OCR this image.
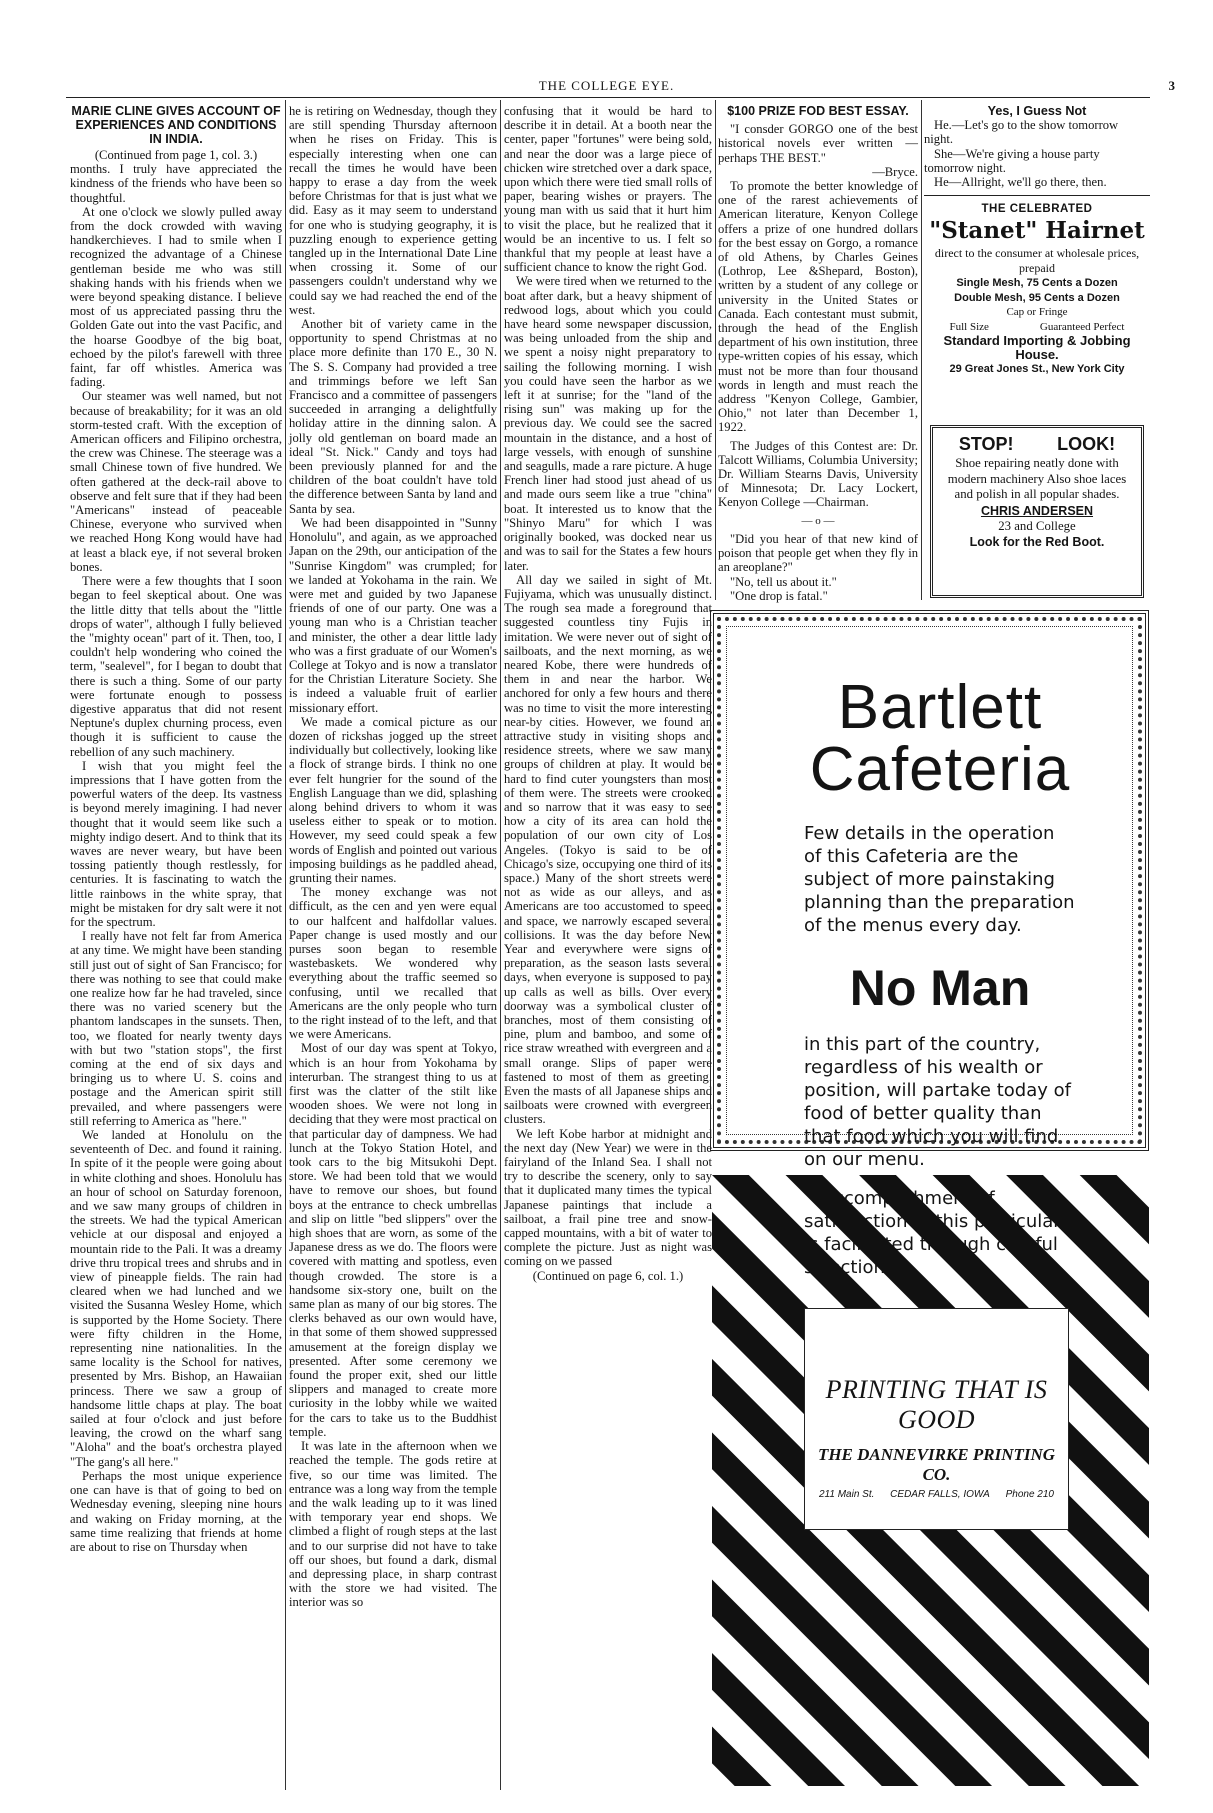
THE COLLEGE EYE.	3
MARIE CLINE GIVES ACCOUNT OF EXPERIENCES AND CONDITIONS IN INDIA.

(Continued from page 1, col. 3.)

months. I truly have appreciated the kindness of the friends who have been so thoughtful.

At one o'clock we slowly pulled away from the dock crowded with waving handkerchieves. I had to smile when I recognized the advantage of a Chinese gentleman beside me who was still shaking hands with his friends when we were beyond speaking distance. I believe most of us appreciated passing thru the Golden Gate out into the vast Pacific, and the hoarse Goodbye of the big boat, echoed by the pilot's farewell with three faint, far off whistles. America was fading.

Our steamer was well named, but not because of breakability; for it was an old storm-tested craft. With the exception of American officers and Filipino orchestra, the crew was Chinese. The steerage was a small Chinese town of five hundred. We often gathered at the deck-rail above to observe and felt sure that if they had been "Americans" instead of peaceable Chinese, everyone who survived when we reached Hong Kong would have had at least a black eye, if not several broken bones.

There were a few thoughts that I soon began to feel skeptical about. One was the little ditty that tells about the "little drops of water", although I fully believed the "mighty ocean" part of it. Then, too, I couldn't help wondering who coined the term, "sealevel", for I began to doubt that there is such a thing. Some of our party were fortunate enough to possess digestive apparatus that did not resent Neptune's duplex churning process, even though it is sufficient to cause the rebellion of any such machinery.

I wish that you might feel the impressions that I have gotten from the powerful waters of the deep. Its vastness is beyond merely imagining. I had never thought that it would seem like such a mighty indigo desert. And to think that its waves are never weary, but have been tossing patiently though restlessly, for centuries. It is fascinating to watch the little rainbows in the white spray, that might be mistaken for dry salt were it not for the spectrum.

I really have not felt far from America at any time. We might have been standing still just out of sight of San Francisco; for there was nothing to see that could make one realize how far he had traveled, since there was no varied scenery but the phantom landscapes in the sunsets. Then, too, we floated for nearly twenty days with but two "station stops", the first coming at the end of six days and bringing us to where U. S. coins and postage and the American spirit still prevailed, and where passengers were still referring to America as "here."

We landed at Honolulu on the seventeenth of Dec. and found it raining. In spite of it the people were going about in white clothing and shoes. Honolulu has an hour of school on Saturday forenoon, and we saw many groups of children in the streets. We had the typical American vehicle at our disposal and enjoyed a mountain ride to the Pali. It was a dreamy drive thru tropical trees and shrubs and in view of pineapple fields. The rain had cleared when we had lunched and we visited the Susanna Wesley Home, which is supported by the Home Society. There were fifty children in the Home, representing nine nationalities. In the same locality is the School for natives, presented by Mrs. Bishop, an Hawaiian princess. There we saw a group of handsome little chaps at play. The boat sailed at four o'clock and just before leaving, the crowd on the wharf sang "Aloha" and the boat's orchestra played "The gang's all here."

Perhaps the most unique experience one can have is that of going to bed on Wednesday evening, sleeping nine hours and waking on Friday morning, at the same time realizing that friends at home are about to rise on Thursday when

he is retiring on Wednesday, though they are still spending Thursday afternoon when he rises on Friday. This is especially interesting when one can recall the times he would have been happy to erase a day from the week before Christmas for that is just what we did. Easy as it may seem to understand for one who is studying geography, it is puzzling enough to experience getting tangled up in the International Date Line when crossing it. Some of our passengers couldn't understand why we could say we had reached the end of the west.

Another bit of variety came in the opportunity to spend Christmas at no place more definite than 170 E., 30 N. The S. S. Company had provided a tree and trimmings before we left San Francisco and a committee of passengers succeeded in arranging a delightfully holiday attire in the dinning salon. A jolly old gentleman on board made an ideal "St. Nick." Candy and toys had been previously planned for and the children of the boat couldn't have told the difference between Santa by land and Santa by sea.

We had been disappointed in "Sunny Honolulu", and again, as we approached Japan on the 29th, our anticipation of the "Sunrise Kingdom" was crumpled; for we landed at Yokohama in the rain. We were met and guided by two Japanese friends of one of our party. One was a young man who is a Christian teacher and minister, the other a dear little lady who was a first graduate of our Women's College at Tokyo and is now a translator for the Christian Literature Society. She is indeed a valuable fruit of earlier missionary effort.

We made a comical picture as our dozen of rickshas jogged up the street individually but collectively, looking like a flock of strange birds. I think no one ever felt hungrier for the sound of the English Language than we did, splashing along behind drivers to whom it was useless either to speak or to motion. However, my seed could speak a few words of English and pointed out various imposing buildings as he paddled ahead, grunting their names.

The money exchange was not difficult, as the cen and yen were equal to our halfcent and halfdollar values. Paper change is used mostly and our purses soon began to resemble wastebaskets. We wondered why everything about the traffic seemed so confusing, until we recalled that Americans are the only people who turn to the right instead of to the left, and that we were Americans.

Most of our day was spent at Tokyo, which is an hour from Yokohama by interurban. The strangest thing to us at first was the clatter of the stilt like wooden shoes. We were not long in deciding that they were most practical on that particular day of dampness. We had lunch at the Tokyo Station Hotel, and took cars to the big Mitsukohi Dept. store. We had been told that we would have to remove our shoes, but found boys at the entrance to check umbrellas and slip on little "bed slippers" over the high shoes that are worn, as some of the Japanese dress as we do. The floors were covered with matting and spotless, even though crowded. The store is a handsome six-story one, built on the same plan as many of our big stores. The clerks behaved as our own would have, in that some of them showed suppressed amusement at the foreign display we presented. After some ceremony we found the proper exit, shed our little slippers and managed to create more curiosity in the lobby while we waited for the cars to take us to the Buddhist temple.

It was late in the afternoon when we reached the temple. The gods retire at five, so our time was limited. The entrance was a long way from the temple and the walk leading up to it was lined with temporary year end shops. We climbed a flight of rough steps at the last and to our surprise did not have to take off our shoes, but found a dark, dismal and depressing place, in sharp contrast with the store we had visited. The interior was so

confusing that it would be hard to describe it in detail. At a booth near the center, paper "fortunes" were being sold, and near the door was a large piece of chicken wire stretched over a dark space, upon which there were tied small rolls of paper, bearing wishes or prayers. The young man with us said that it hurt him to visit the place, but he realized that it would be an incentive to us. I felt so thankful that my people at least have a sufficient chance to know the right God.

We were tired when we returned to the boat after dark, but a heavy shipment of redwood logs, about which you could have heard some newspaper discussion, was being unloaded from the ship and we spent a noisy night preparatory to sailing the following morning. I wish you could have seen the harbor as we left it at sunrise; for the "land of the rising sun" was making up for the previous day. We could see the sacred mountain in the distance, and a host of large vessels, with enough of sunshine and seagulls, made a rare picture. A huge French liner had stood just ahead of us and made ours seem like a true "china" boat. It interested us to know that the "Shinyo Maru" for which I was originally booked, was docked near us and was to sail for the States a few hours later.

All day we sailed in sight of Mt. Fujiyama, which was unusually distinct. The rough sea made a foreground that suggested countless tiny Fujis in imitation. We were never out of sight of sailboats, and the next morning, as we neared Kobe, there were hundreds of them in and near the harbor. We anchored for only a few hours and there was no time to visit the more interesting near-by cities. However, we found an attractive study in visiting shops and residence streets, where we saw many groups of children at play. It would be hard to find cuter youngsters than most of them were. The streets were crooked and so narrow that it was easy to see how a city of its area can hold the population of our own city of Los Angeles. (Tokyo is said to be of Chicago's size, occupying one third of its space.) Many of the short streets were not as wide as our alleys, and as Americans are too accustomed to speed and space, we narrowly escaped several collisions. It was the day before New Year and everywhere were signs of preparation, as the season lasts several days, when everyone is supposed to pay up calls as well as bills. Over every doorway was a symbolical cluster of branches, most of them consisting of pine, plum and bamboo, and some of rice straw wreathed with evergreen and a small orange. Slips of paper were fastened to most of them as greeting. Even the masts of all Japanese ships and sailboats were crowned with evergreen clusters.

We left Kobe harbor at midnight and the next day (New Year) we were in the fairyland of the Inland Sea. I shall not try to describe the scenery, only to say that it duplicated many times the typical Japanese paintings that include a sailboat, a frail pine tree and snow-capped mountains, with a bit of water to complete the picture. Just as night was coming on we passed

(Continued on page 6, col. 1.)

$100 PRIZE FOD BEST ESSAY.

"I consder GORGO one of the best historical novels ever written —perhaps THE BEST."

—Bryce.

To promote the better knowledge of one of the rarest achievements of American literature, Kenyon College offers a prize of one hundred dollars for the best essay on Gorgo, a romance of old Athens, by Charles Geines (Lothrop, Lee &Shepard, Boston), written by a student of any college or university in the United States or Canada. Each contestant must submit, through the head of the English department of his own institution, three type-written copies of his essay, which must not be more than four thousand words in length and must reach the address "Kenyon College, Gambier, Ohio," not later than December 1, 1922.

The Judges of this Contest are: Dr. Talcott Williams, Columbia University; Dr. William Stearns Davis, University of Minnesota; Dr. Lacy Lockert, Kenyon College —Chairman.

— o —

"Did you hear of that new kind of poison that people get when they fly in an areoplane?"

"No, tell us about it."

"One drop is fatal."

Yes, I Guess Not

He.—Let's go to the show tomorrow night.

She—We're giving a house party tomorrow night.

He—Allright, we'll go there, then.

THE CELEBRATED
"Stanet" Hairnet
direct to the consumer at wholesale prices, prepaid
Single Mesh, 75 Cents a Dozen
Double Mesh, 95 Cents a Dozen
Cap or Fringe
Full Size	Guaranteed Perfect
Standard Importing & Jobbing House.
29 Great Jones St., New York City
STOP! LOOK!
Shoe repairing neatly done with modern machinery Also shoe laces and polish in all popular shades.
CHRIS ANDERSEN
23 and College
Look for the Red Boot.
Bartlett
Cafeteria
Few details in the operation of this Cafeteria are the subject of more painstaking planning than the preparation of the menus every day.
No Man
in this part of the country, regardless of his wealth or position, will partake today of food of better quality than that food which you will find on our menu.
PRINTING THAT IS GOOD
THE DANNEVIRKE PRINTING CO.
211 Main St. CEDAR FALLS, IOWA Phone 210
